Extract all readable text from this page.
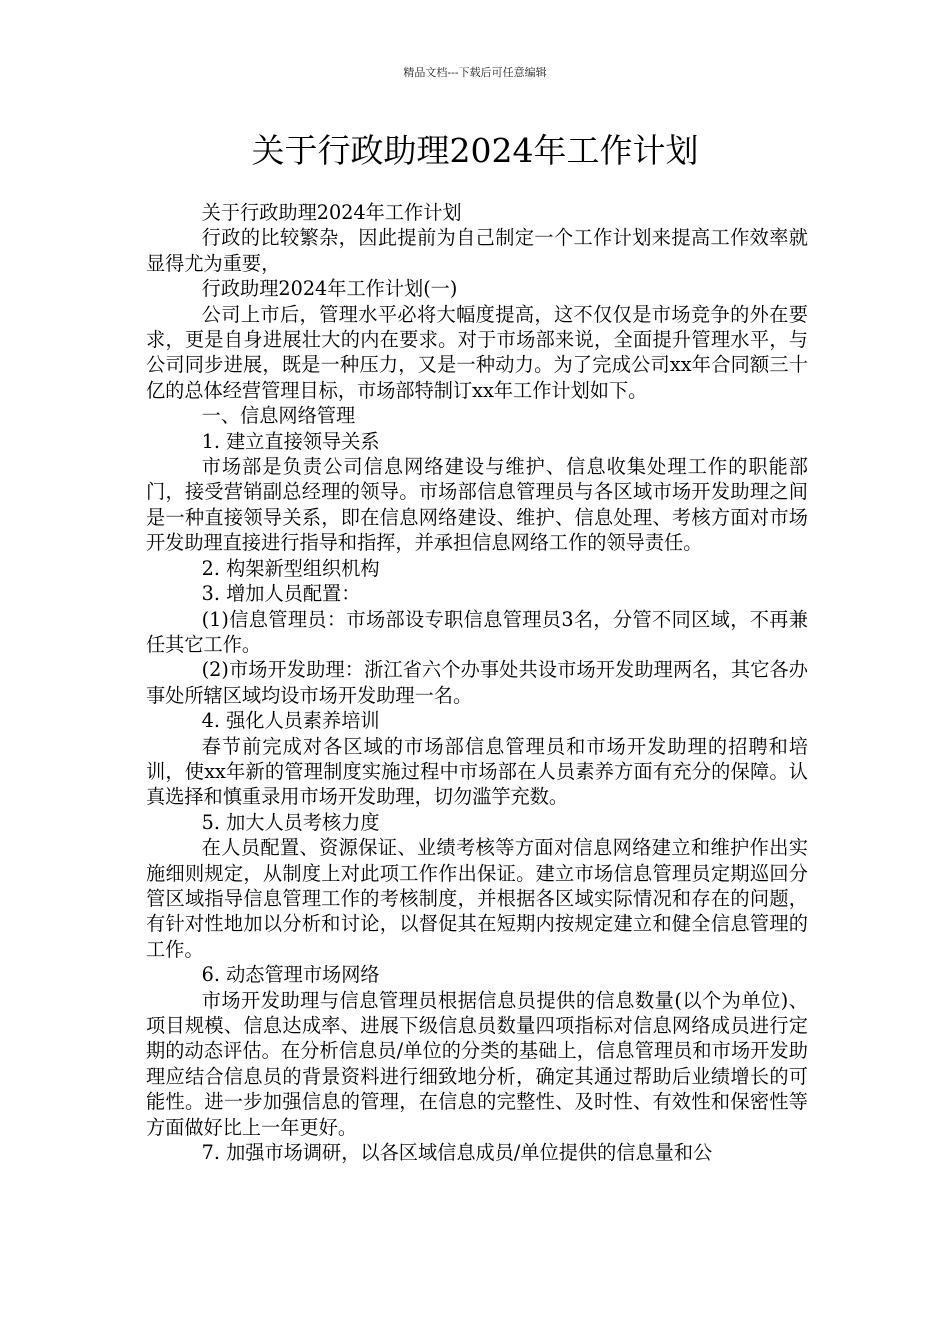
精品文档---下载后可任意编辑
关于行政助理2024年工作计划

关于行政助理2024年工作计划

行政的比较繁杂，因此提前为自己制定一个工作计划来提高工作效率就显得尤为重要，

行政助理2024年工作计划(一)

公司上市后，管理水平必将大幅度提高，这不仅仅是市场竞争的外在要求，更是自身进展壮大的内在要求。对于市场部来说，全面提升管理水平，与公司同步进展，既是一种压力，又是一种动力。为了完成公司xx年合同额三十亿的总体经营管理目标，市场部特制订xx年工作计划如下。

一、信息网络管理

1. 建立直接领导关系

市场部是负责公司信息网络建设与维护、信息收集处理工作的职能部门，接受营销副总经理的领导。市场部信息管理员与各区域市场开发助理之间是一种直接领导关系，即在信息网络建设、维护、信息处理、考核方面对市场开发助理直接进行指导和指挥，并承担信息网络工作的领导责任。

2. 构架新型组织机构

3. 增加人员配置：

(1)信息管理员：市场部设专职信息管理员3名，分管不同区域，不再兼任其它工作。

(2)市场开发助理：浙江省六个办事处共设市场开发助理两名，其它各办事处所辖区域均设市场开发助理一名。

4. 强化人员素养培训

春节前完成对各区域的市场部信息管理员和市场开发助理的招聘和培训，使xx年新的管理制度实施过程中市场部在人员素养方面有充分的保障。认真选择和慎重录用市场开发助理，切勿滥竽充数。

5. 加大人员考核力度

在人员配置、资源保证、业绩考核等方面对信息网络建立和维护作出实施细则规定，从制度上对此项工作作出保证。建立市场信息管理员定期巡回分管区域指导信息管理工作的考核制度，并根据各区域实际情况和存在的问题，有针对性地加以分析和讨论，以督促其在短期内按规定建立和健全信息管理的工作。

6. 动态管理市场网络

市场开发助理与信息管理员根据信息员提供的信息数量(以个为单位)、项目规模、信息达成率、进展下级信息员数量四项指标对信息网络成员进行定期的动态评估。在分析信息员/单位的分类的基础上，信息管理员和市场开发助理应结合信息员的背景资料进行细致地分析，确定其通过帮助后业绩增长的可能性。进一步加强信息的管理，在信息的完整性、及时性、有效性和保密性等方面做好比上一年更好。

7. 加强市场调研，以各区域信息成员/单位提供的信息量和公
